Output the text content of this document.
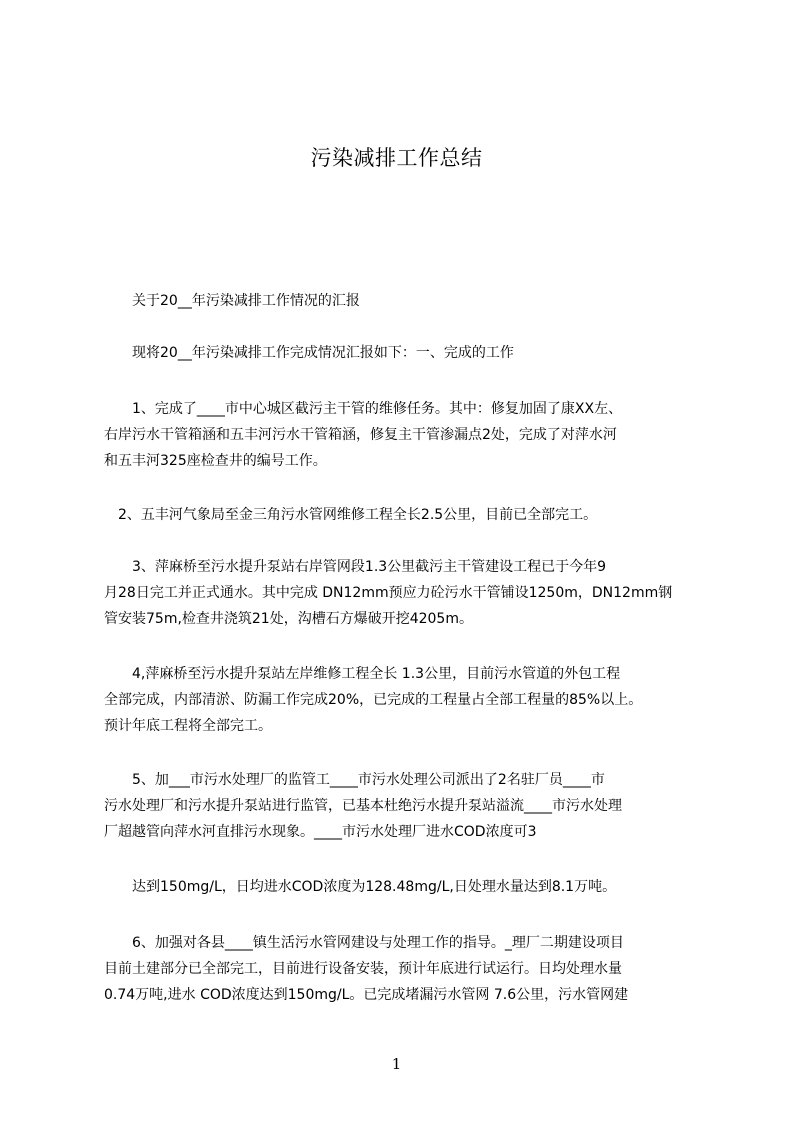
污染减排工作总结
　　关于20__年污染减排工作情况的汇报
　　现将20__年污染减排工作完成情况汇报如下：一、完成的工作
　　1、完成了____市中心城区截污主干管的维修任务。其中：修复加固了康XX左、
右岸污水干管箱涵和五丰河污水干管箱涵，修复主干管渗漏点2处，完成了对萍水河
和五丰河325座检查井的编号工作。
　2、五丰河气象局至金三角污水管网维修工程全长2.5公里，目前已全部完工。
　　3、萍麻桥至污水提升泵站右岸管网段1.3公里截污主干管建设工程已于今年9
月28日完工并正式通水。其中完成 DN12mm预应力砼污水干管铺设1250m，DN12mm钢
管安装75m,检查井浇筑21处，沟槽石方爆破开挖4205m。
　　4,萍麻桥至污水提升泵站左岸维修工程全长 1.3公里，目前污水管道的外包工程
全部完成，内部清淤、防漏工作完成20%，已完成的工程量占全部工程量的85%以上。
预计年底工程将全部完工。
　　5、加___市污水处理厂的监管工____市污水处理公司派出了2名驻厂员____市
污水处理厂和污水提升泵站进行监管，已基本杜绝污水提升泵站溢流____市污水处理
厂超越管向萍水河直排污水现象。____市污水处理厂进水COD浓度可3
　　达到150mg/L，日均进水COD浓度为128.48mg/L,日处理水量达到8.1万吨。
　　6、加强对各县____镇生活污水管网建设与处理工作的指导。_理厂二期建设项目
目前土建部分已全部完工，目前进行设备安装，预计年底进行试运行。日均处理水量
0.74万吨,进水 COD浓度达到150mg/L。已完成堵漏污水管网 7.6公里，污水管网建
1
